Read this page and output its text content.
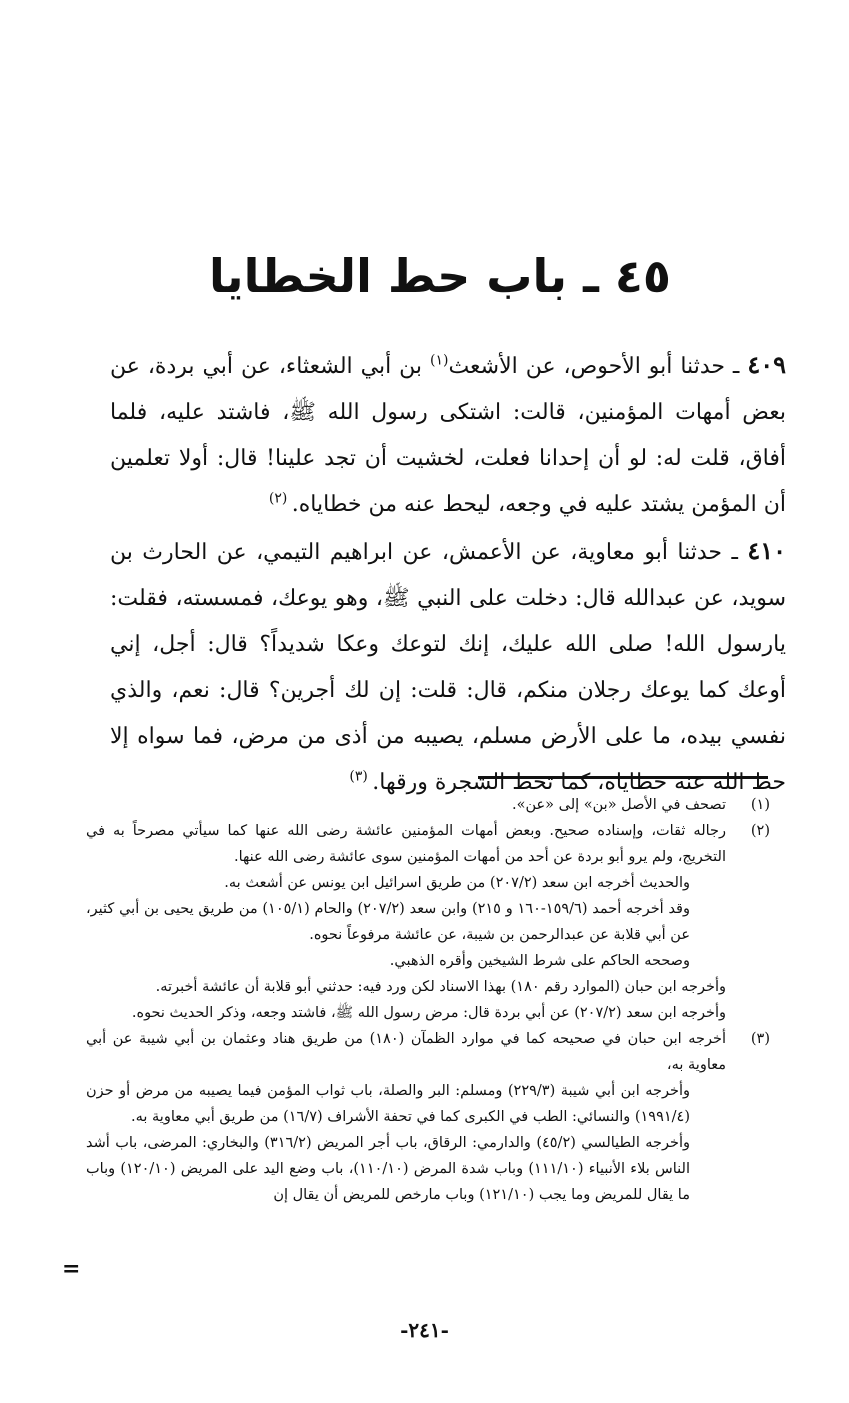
٤٥ ـ باب حط الخطايا

٤٠٩ ـ حدثنا أبو الأحوص، عن الأشعث$^{(١)}$ بن أبي الشعثاء، عن أبي بردة، عن بعض أمهات المؤمنين، قالت: اشتكى رسول الله ﷺ، فاشتد عليه، فلما أفاق، قلت له: لو أن إحدانا فعلت، لخشيت أن تجد علينا! قال: أولا تعلمين أن المؤمن يشتد عليه في وجعه، ليحط عنه من خطاياه. $^{(٢)}$

٤١٠ ـ حدثنا أبو معاوية، عن الأعمش، عن ابراهيم التيمي، عن الحارث بن سويد، عن عبدالله قال: دخلت على النبي ﷺ، وهو يوعك، فمسسته، فقلت: يارسول الله! صلى الله عليك، إنك لتوعك وعكا شديداً؟ قال: أجل، إني أوعك كما يوعك رجلان منكم، قال: قلت: إن لك أجرين؟ قال: نعم، والذي نفسي بيده، ما على الأرض مسلم، يصيبه من أذى من مرض، فما سواه إلا حط الله عنه خطاياه، كما تحط الشجرة ورقها. $^{(٣)}$

(١)

تصحف في الأصل «بن» إلى «عن».

(٢)

رجاله ثقات، وإسناده صحيح. وبعض أمهات المؤمنين عائشة رضى الله عنها كما سيأتي مصرحاً به في التخريج، ولم يرو أبو بردة عن أحد من أمهات المؤمنين سوى عائشة رضى الله عنها.

والحديث أخرجه ابن سعد (٢٠٧/٢) من طريق اسرائيل ابن يونس عن أشعث به.

وقد أخرجه أحمد (١٥٩/٦-١٦٠ و ٢١٥) وابن سعد (٢٠٧/٢) والحام (١٠٥/١) من طريق يحيى بن أبي كثير، عن أبي قلابة عن عبدالرحمن بن شيبة، عن عائشة مرفوعاً نحوه.

وصححه الحاكم على شرط الشيخين وأقره الذهبي.

وأخرجه ابن حبان (الموارد رقم ١٨٠) بهذا الاسناد لكن ورد فيه: حدثني أبو قلابة أن عائشة أخبرته.

وأخرجه ابن سعد (٢٠٧/٢) عن أبي بردة قال: مرض رسول الله ﷺ، فاشتد وجعه، وذكر الحديث نحوه.

(٣)

أخرجه ابن حبان في صحيحه كما في موارد الظمآن (١٨٠) من طريق هناد وعثمان بن أبي شيبة عن أبي معاوية به،

وأخرجه ابن أبي شيبة (٢٢٩/٣) ومسلم: البر والصلة، باب ثواب المؤمن فيما يصيبه من مرض أو حزن (١٩٩١/٤) والنسائي: الطب في الكبرى كما في تحفة الأشراف (١٦/٧) من طريق أبي معاوية به.

وأخرجه الطيالسي (٤٥/٢) والدارمي: الرقاق، باب أجر المريض (٣١٦/٢) والبخاري: المرضى، باب أشد الناس بلاء الأنبياء (١١١/١٠) وباب شدة المرض (١١٠/١٠)، باب وضع اليد على المريض (١٢٠/١٠) وباب ما يقال للمريض وما يجب (١٢١/١٠) وباب مارخص للمريض أن يقال إن

=
-٢٤١-
